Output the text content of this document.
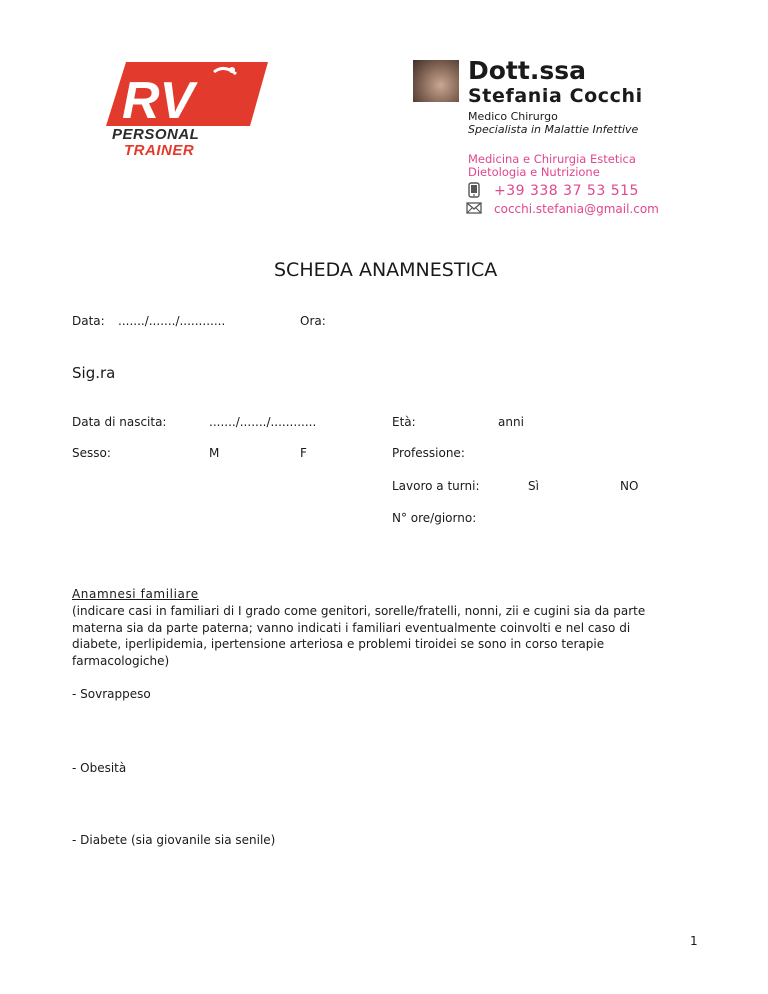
RV
®
PERSONAL
TRAINER
Dott.ssa
Stefania Cocchi
Medico Chirurgo
Specialista in Malattie Infettive
Medicina e Chirurgia Estetica
Dietologia e Nutrizione
+39 338 37 53 515
cocchi.stefania@gmail.com
SCHEDA ANAMNESTICA
Data: ......./......./............	Ora:
Sig.ra
Data di nascita:	......./......./............	Età:	anni
Sesso:	M	F	Professione:
Lavoro a turni:	Sì	NO
N° ore/giorno:
Anamnesi familiare
(indicare casi in familiari di I grado come genitori, sorelle/fratelli, nonni, zii e cugini sia da parte
materna sia da parte paterna; vanno indicati i familiari eventualmente coinvolti e nel caso di
diabete, iperlipidemia, ipertensione arteriosa e problemi tiroidei se sono in corso terapie
farmacologiche)
- Sovrappeso
- Obesità
- Diabete (sia giovanile sia senile)
1
